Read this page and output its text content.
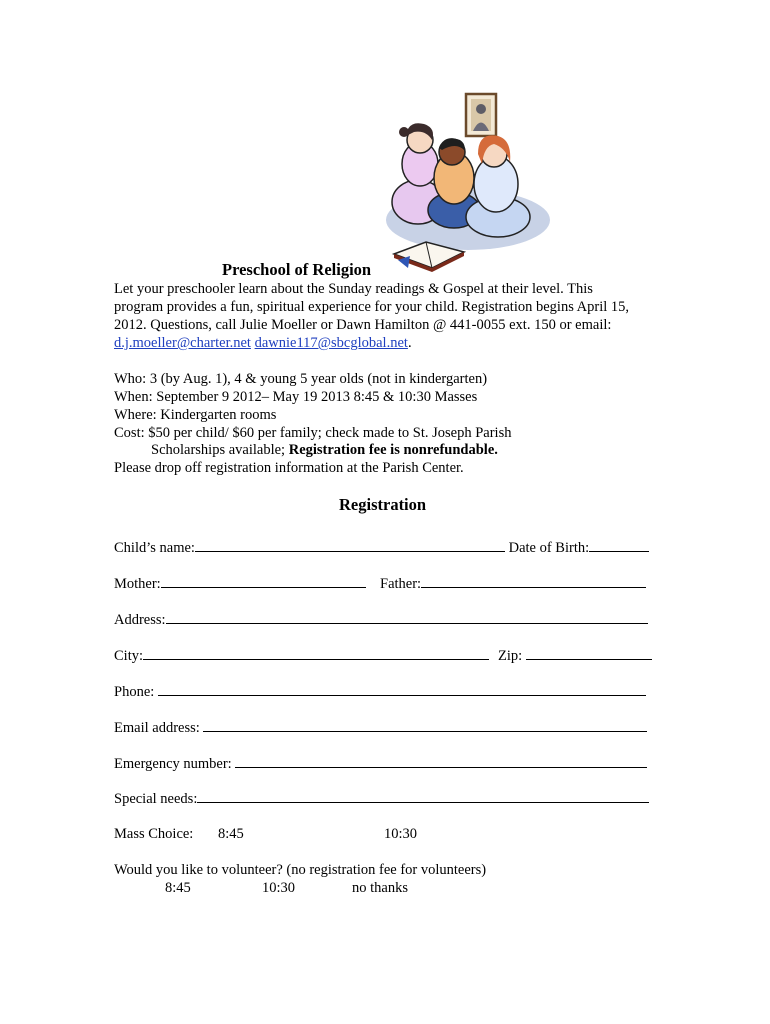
Preschool of Religion
Let your preschooler learn about the Sunday readings & Gospel at their level. This
program provides a fun, spiritual experience for your child. Registration begins April 15,
2012. Questions, call Julie Moeller or Dawn Hamilton @ 441-0055 ext. 150 or email:
d.j.moeller@charter.net dawnie117@sbcglobal.net.
Who: 3 (by Aug. 1), 4 & young 5 year olds (not in kindergarten)
When: September 9 2012– May 19 2013 8:45 & 10:30 Masses
Where: Kindergarten rooms
Cost: $50 per child/ $60 per family; check made to St. Joseph Parish
Scholarships available; Registration fee is nonrefundable.
Please drop off registration information at the Parish Center.
Registration
Child’s name:	Date of Birth:
Mother:	Father:
Address:
City:	Zip:
Phone:
Email address:
Emergency number:
Special needs:
Mass Choice: 8:45	10:30
Would you like to volunteer? (no registration fee for volunteers)
8:45	10:30	no thanks
